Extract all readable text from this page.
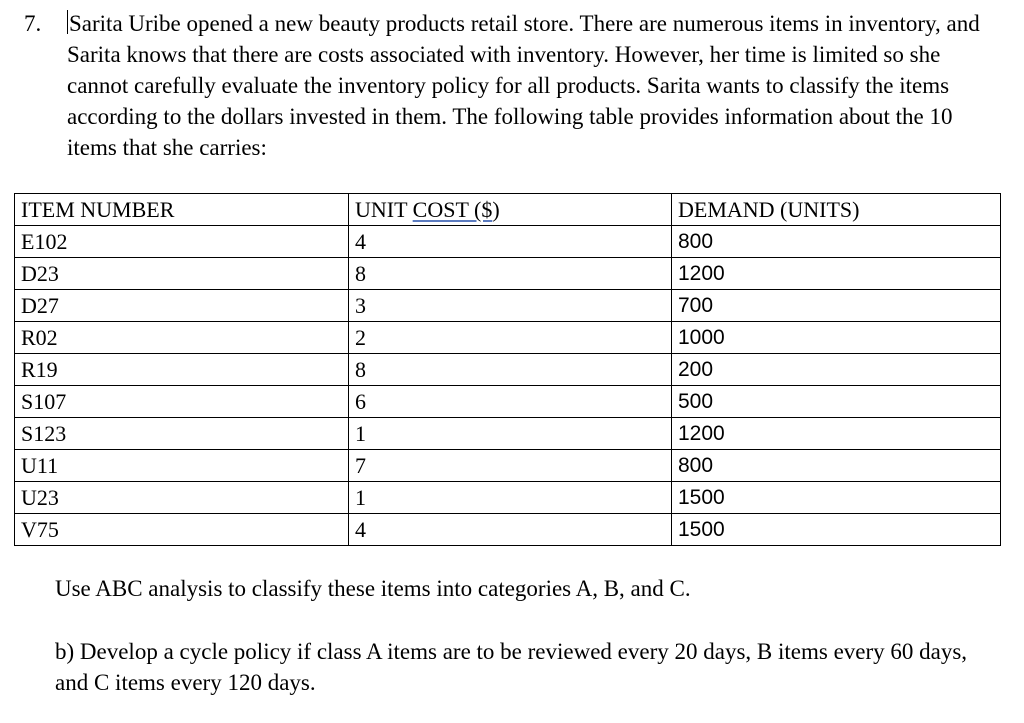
7. Sarita Uribe opened a new beauty products retail store. There are numerous items in inventory, and Sarita knows that there are costs associated with inventory. However, her time is limited so she cannot carefully evaluate the inventory policy for all products. Sarita wants to classify the items according to the dollars invested in them. The following table provides information about the 10 items that she carries:
ITEM NUMBER	UNIT COST ($)	DEMAND (UNITS)
E102	4	800
D23	8	1200
D27	3	700
R02	2	1000
R19	8	200
S107	6	500
S123	1	1200
U11	7	800
U23	1	1500
V75	4	1500
Use ABC analysis to classify these items into categories A, B, and C.
b) Develop a cycle policy if class A items are to be reviewed every 20 days, B items every 60 days, and C items every 120 days.
